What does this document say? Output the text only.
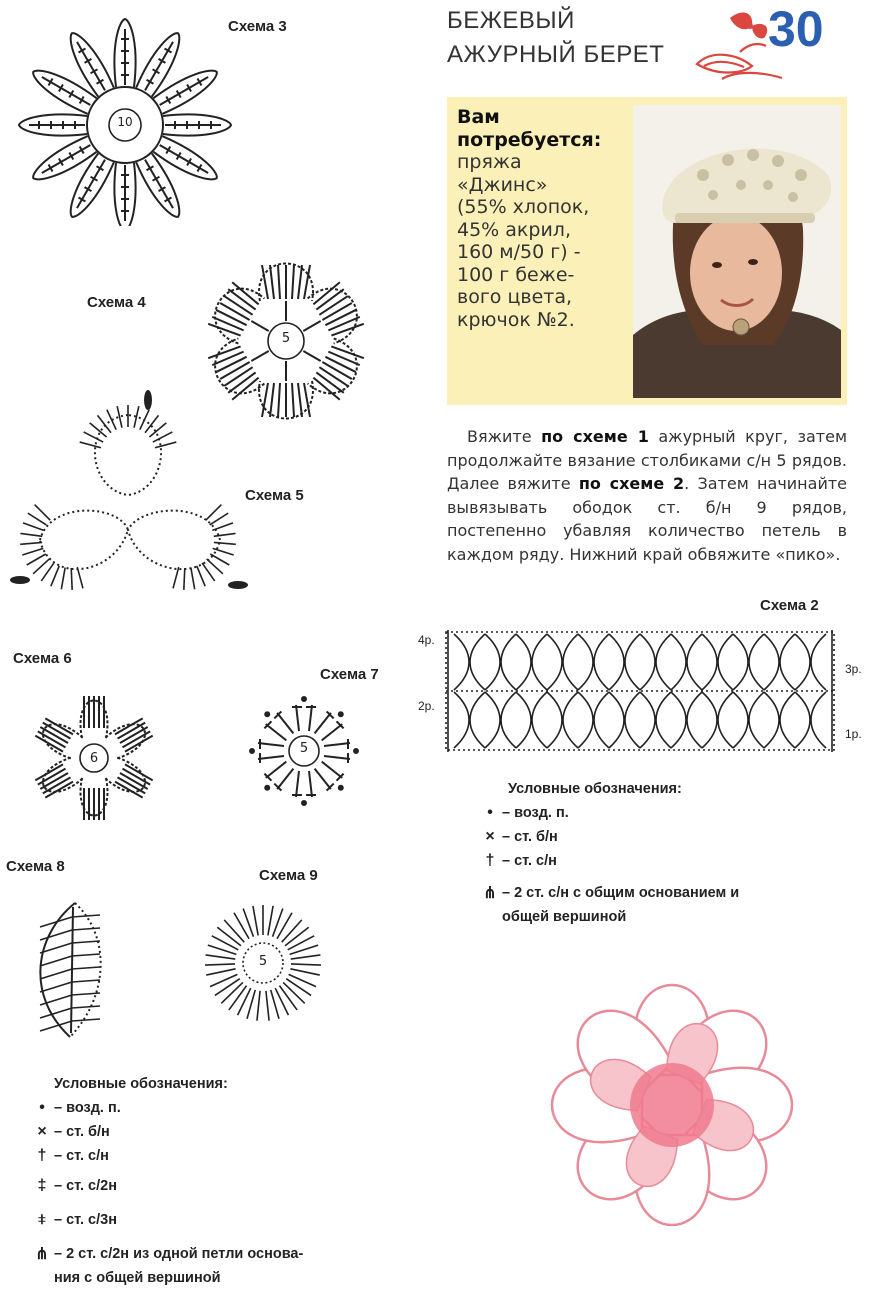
БЕЖЕВЫЙ
АЖУРНЫЙ БЕРЕТ 30
Вам
потребуется:
пряжа
«Джинс»
(55% хлопок,
45% акрил,
160 м/50 г) -
100 г беже-
вого цвета,
крючок №2.
Вяжите по схеме 1 ажурный круг, затем продолжайте вязание столбиками с/н 5 рядов. Далее вяжите по схеме 2. Затем начинайте вывязывать ободок ст. б/н 9 рядов, постепенно убавляя количество петель в каждом ряду. Нижний край обвяжите «пико».
Схема 3
Схема 4
Схема 5
Схема 6
Схема 7
Схема 8
Схема 9
Схема 2
10
5
6
5
5
4р.
3р.
2р.
1р.
Условные обозначения:
• – возд. п.
× – ст. б/н
† – ст. с/н
⋔ – 2 ст. с/н с общим основанием и
общей вершиной
Условные обозначения:
• – возд. п.
× – ст. б/н
† – ст. с/н
‡ – ст. с/2н
⧧ – ст. с/3н
⋔ – 2 ст. с/2н из одной петли основа-
ния с общей вершиной
